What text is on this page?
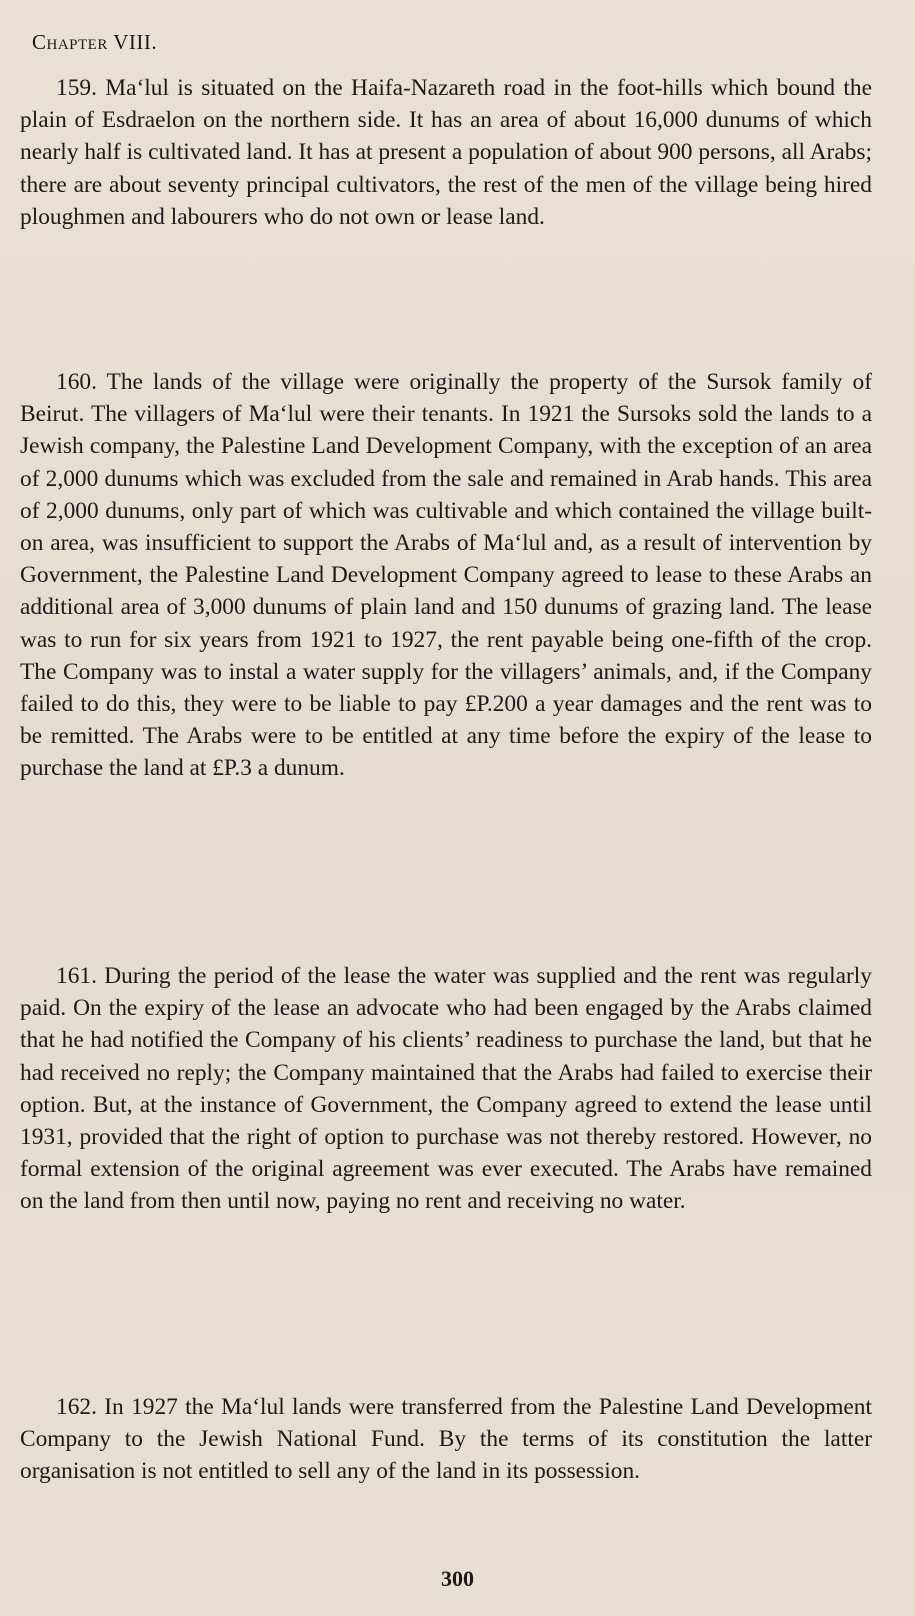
Chapter VIII.

159. Ma‘lul is situated on the Haifa-Nazareth road in the foot-hills which bound the plain of Esdraelon on the northern side. It has an area of about 16,000 dunums of which nearly half is cultivated land. It has at present a population of about 900 persons, all Arabs; there are about seventy principal cultivators, the rest of the men of the village being hired ploughmen and labourers who do not own or lease land.

160. The lands of the village were originally the property of the Sursok family of Beirut. The villagers of Ma‘lul were their tenants. In 1921 the Sursoks sold the lands to a Jewish company, the Palestine Land Development Company, with the exception of an area of 2,000 dunums which was excluded from the sale and remained in Arab hands. This area of 2,000 dunums, only part of which was cultivable and which contained the village built-on area, was insufficient to support the Arabs of Ma‘lul and, as a result of intervention by Government, the Palestine Land Development Company agreed to lease to these Arabs an additional area of 3,000 dunums of plain land and 150 dunums of grazing land. The lease was to run for six years from 1921 to 1927, the rent payable being one-fifth of the crop. The Company was to instal a water supply for the villagers’ animals, and, if the Company failed to do this, they were to be liable to pay £P.200 a year damages and the rent was to be remitted. The Arabs were to be entitled at any time before the expiry of the lease to purchase the land at £P.3 a dunum.

161. During the period of the lease the water was supplied and the rent was regularly paid. On the expiry of the lease an advocate who had been engaged by the Arabs claimed that he had notified the Company of his clients’ readiness to purchase the land, but that he had received no reply; the Company maintained that the Arabs had failed to exercise their option. But, at the instance of Government, the Company agreed to extend the lease until 1931, provided that the right of option to purchase was not thereby restored. However, no formal extension of the original agreement was ever executed. The Arabs have remained on the land from then until now, paying no rent and receiving no water.

162. In 1927 the Ma‘lul lands were transferred from the Palestine Land Development Company to the Jewish National Fund. By the terms of its constitution the latter organisation is not entitled to sell any of the land in its possession.

300
